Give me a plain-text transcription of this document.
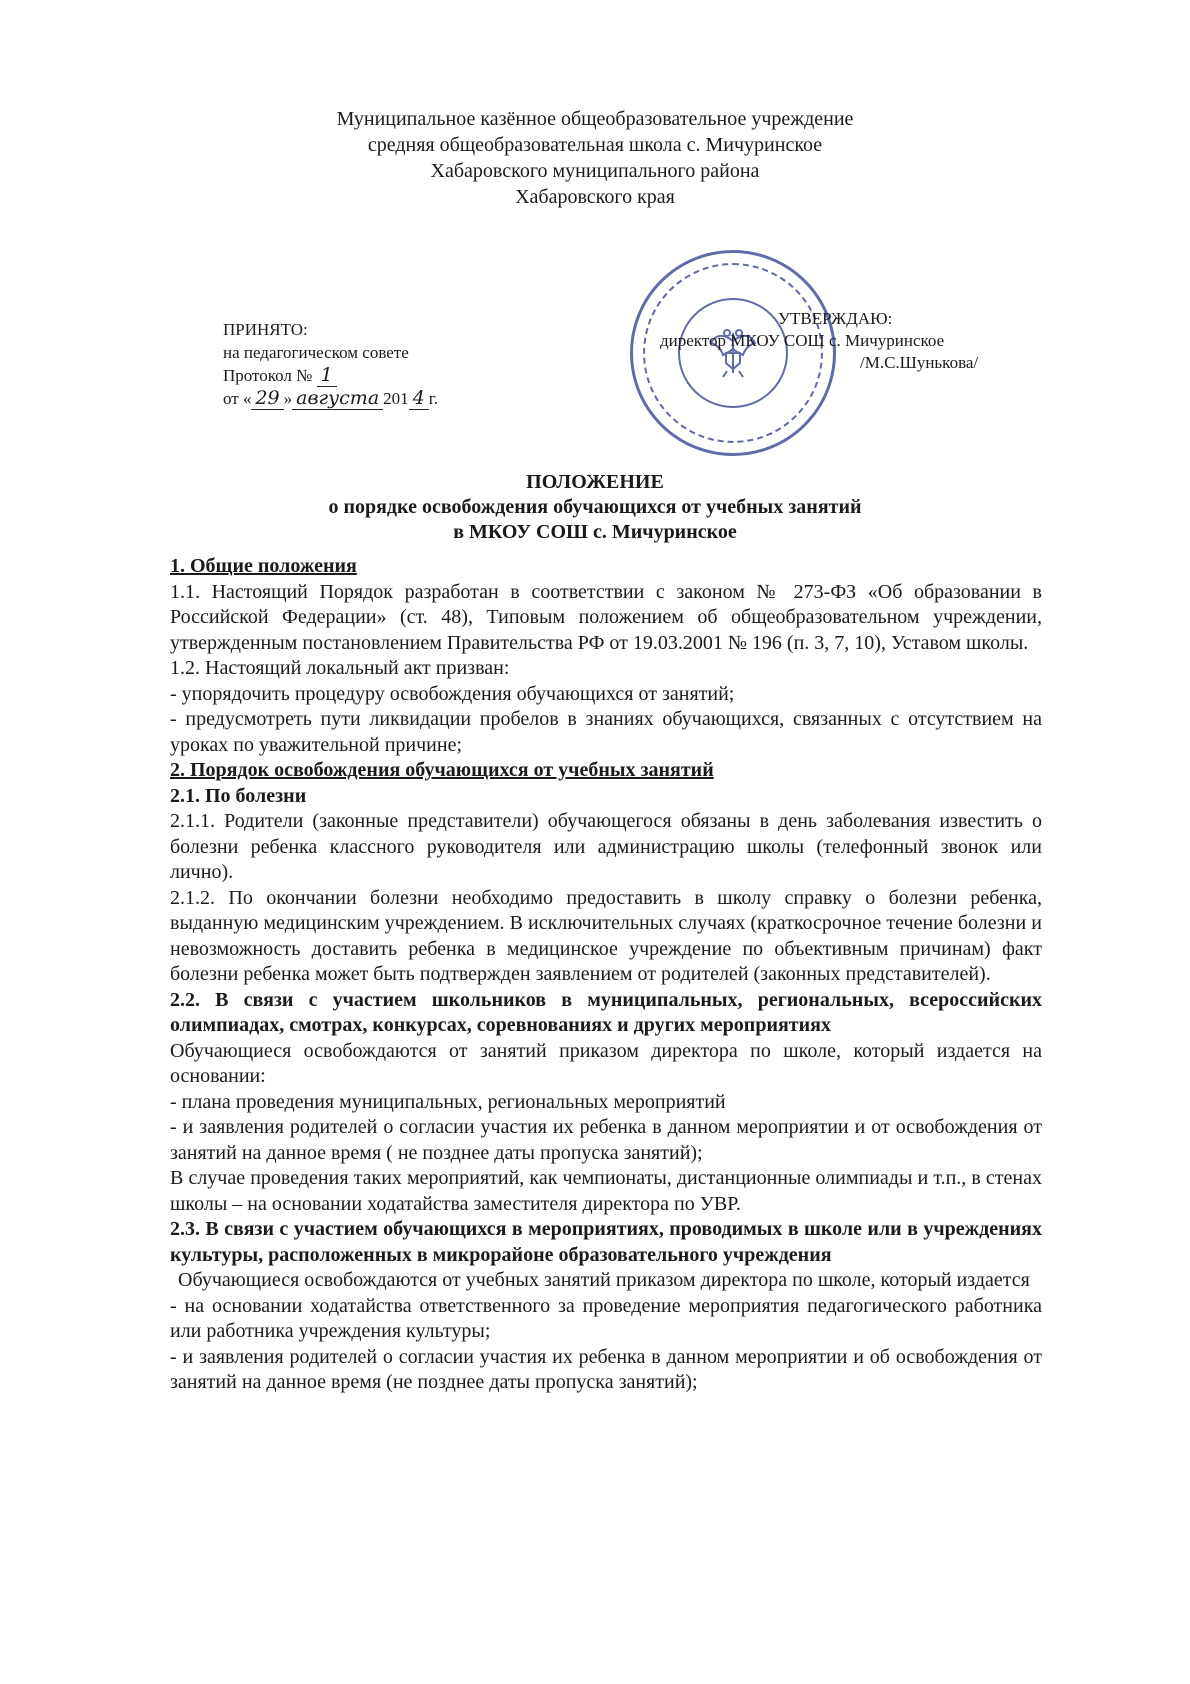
Муниципальное казённое общеобразовательное учреждение
средняя общеобразовательная школа с. Мичуринское
Хабаровского муниципального района
Хабаровского края
ПРИНЯТО:
на педагогическом совете
Протокол № 1
от « 29 » августа 201 4 г.
УТВЕРЖДАЮ:
директор МКОУ СОШ с. Мичуринское
/М.С.Шунькова/
ПОЛОЖЕНИЕ
о порядке освобождения обучающихся от учебных занятий
в МКОУ СОШ с. Мичуринское

1. Общие положения

1.1. Настоящий Порядок разработан в соответствии с законом № 273-ФЗ «Об образовании в Российской Федерации» (ст. 48), Типовым положением об общеобразовательном учреждении, утвержденным постановлением Правительства РФ от 19.03.2001 № 196 (п. 3, 7, 10), Уставом школы.

1.2. Настоящий локальный акт призван:

- упорядочить процедуру освобождения обучающихся от занятий;

- предусмотреть пути ликвидации пробелов в знаниях обучающихся, связанных с отсутствием на уроках по уважительной причине;

2. Порядок освобождения обучающихся от учебных занятий

2.1. По болезни

2.1.1. Родители (законные представители) обучающегося обязаны в день заболевания известить о болезни ребенка классного руководителя или администрацию школы (телефонный звонок или лично).

2.1.2. По окончании болезни необходимо предоставить в школу справку о болезни ребенка, выданную медицинским учреждением. В исключительных случаях (краткосрочное течение болезни и невозможность доставить ребенка в медицинское учреждение по объективным причинам) факт болезни ребенка может быть подтвержден заявлением от родителей (законных представителей).

2.2. В связи с участием школьников в муниципальных, региональных, всероссийских олимпиадах, смотрах, конкурсах, соревнованиях и других мероприятиях

Обучающиеся освобождаются от занятий приказом директора по школе, который издается на основании:

- плана проведения муниципальных, региональных мероприятий

- и заявления родителей о согласии участия их ребенка в данном мероприятии и от освобождения от занятий на данное время ( не позднее даты пропуска занятий);

В случае проведения таких мероприятий, как чемпионаты, дистанционные олимпиады и т.п., в стенах школы – на основании ходатайства заместителя директора по УВР.

2.3. В связи с участием обучающихся в мероприятиях, проводимых в школе или в учреждениях культуры, расположенных в микрорайоне образовательного учреждения

Обучающиеся освобождаются от учебных занятий приказом директора по школе, который издается

- на основании ходатайства ответственного за проведение мероприятия педагогического работника или работника учреждения культуры;

- и заявления родителей о согласии участия их ребенка в данном мероприятии и об освобождения от занятий на данное время (не позднее даты пропуска занятий);
